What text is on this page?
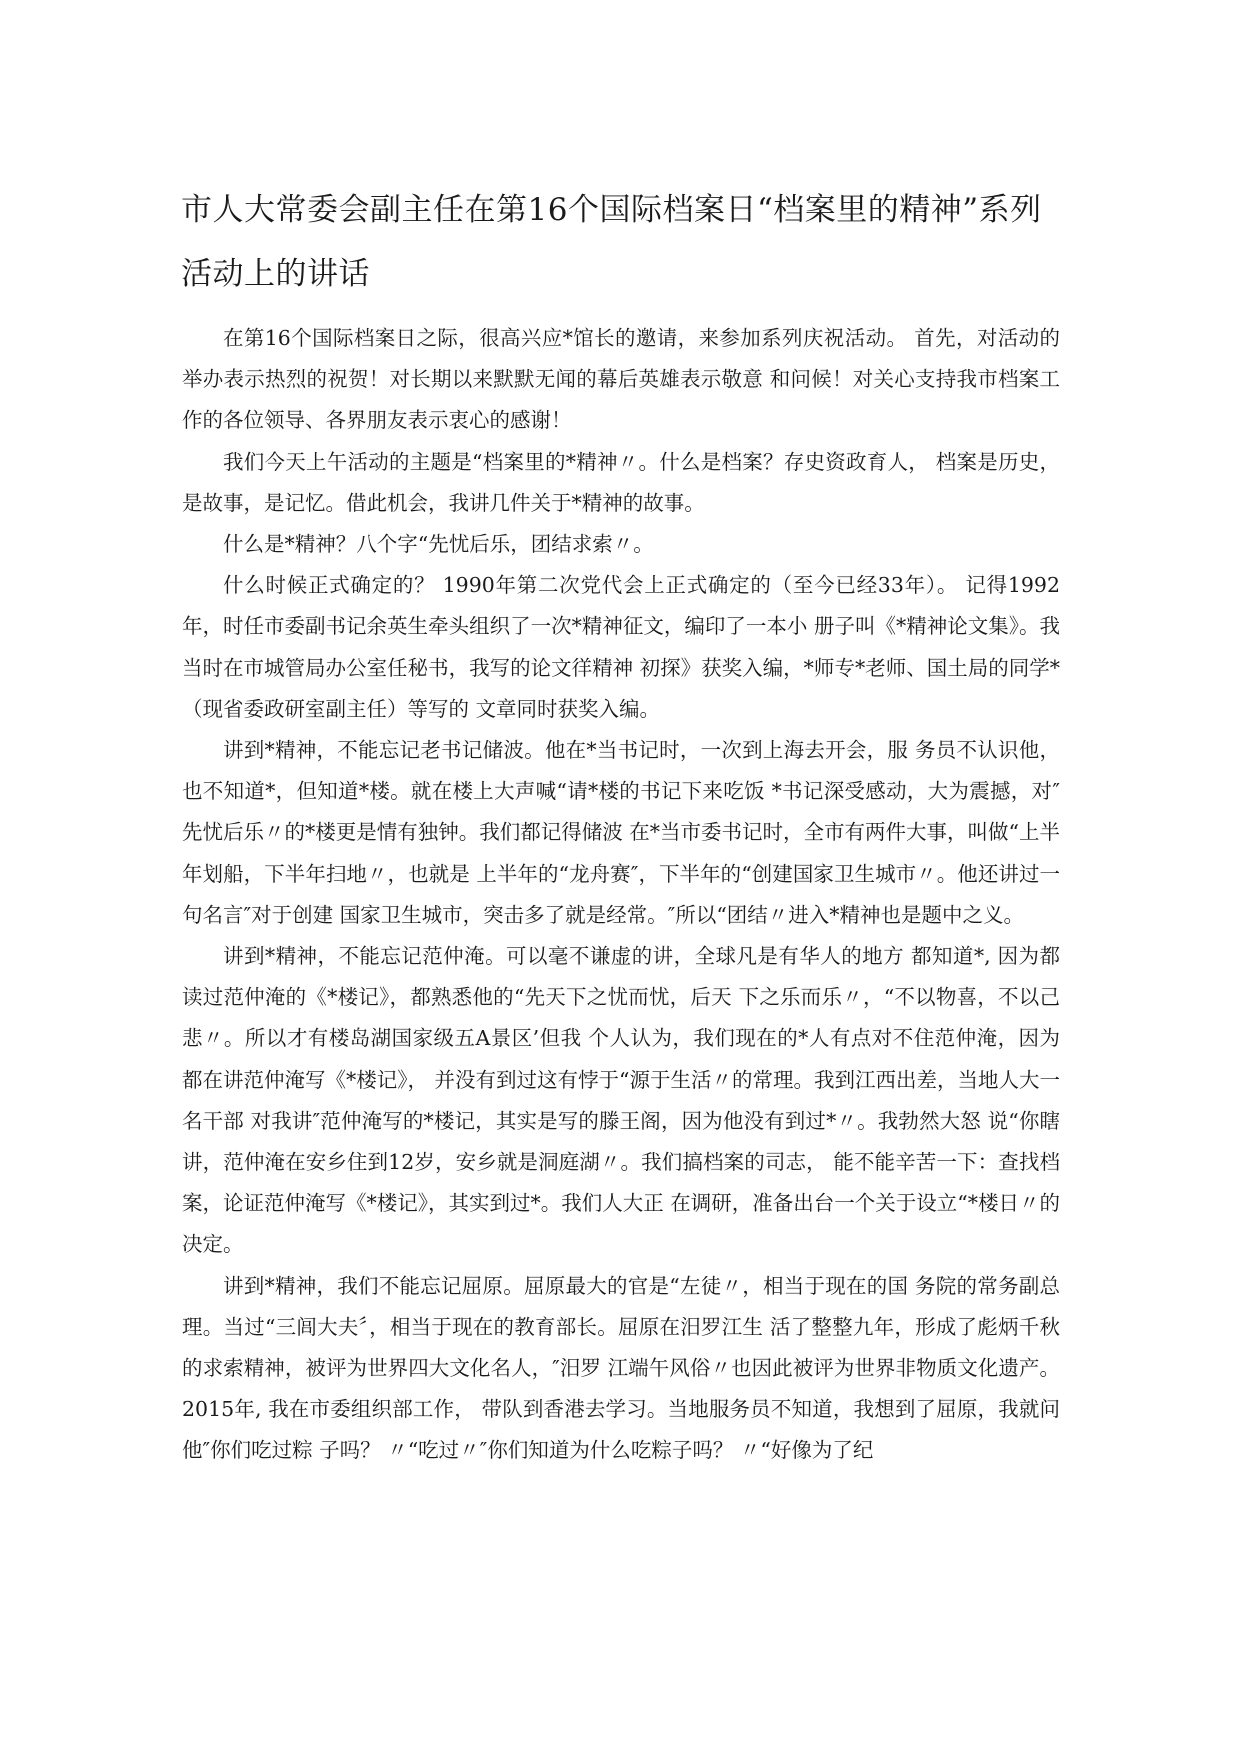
市人大常委会副主任在第16个国际档案日“档案里的精神”系列活动上的讲话

在第16个国际档案日之际，很高兴应*馆长的邀请，来参加系列庆祝活动。 首先，对活动的举办表示热烈的祝贺！对长期以来默默无闻的幕后英雄表示敬意 和问候！对关心支持我市档案工作的各位领导、各界朋友表示衷心的感谢！

我们今天上午活动的主题是“档案里的*精神〃。什么是档案？存史资政育人， 档案是历史，是故事，是记忆。借此机会，我讲几件关于*精神的故事。

什么是*精神？八个字“先忧后乐，团结求索〃。

什么时候正式确定的？ 1990年第二次党代会上正式确定的（至今已经33年）。 记得1992年，时任市委副书记余英生牵头组织了一次*精神征文，编印了一本小 册子叫《*精神论文集》。我当时在市城管局办公室任秘书，我写的论文徉精神 初探》获奖入编，*师专*老师、国土局的同学* （现省委政研室副主任）等写的 文章同时获奖入编。

讲到*精神，不能忘记老书记储波。他在*当书记时，一次到上海去开会，服 务员不认识他，也不知道*，但知道*楼。就在楼上大声喊“请*楼的书记下来吃饭 *书记深受感动，大为震撼，对″先忧后乐〃的*楼更是情有独钟。我们都记得储波 在*当市委书记时，全市有两件大事，叫做“上半年划船，下半年扫地〃，也就是 上半年的“龙舟赛″，下半年的“创建国家卫生城市〃。他还讲过一句名言″对于创建 国家卫生城市，突击多了就是经常。″所以“团结〃进入*精神也是题中之义。

讲到*精神，不能忘记范仲淹。可以毫不谦虚的讲，全球凡是有华人的地方 都知道*, 因为都读过范仲淹的《*楼记》，都熟悉他的“先天下之忧而忧，后天 下之乐而乐〃，“不以物喜，不以己悲〃。所以才有楼岛湖国家级五A景区’但我 个人认为，我们现在的*人有点对不住范仲淹，因为都在讲范仲淹写《*楼记》， 并没有到过这有悖于“源于生活〃的常理。我到江西出差，当地人大一名干部 对我讲″范仲淹写的*楼记，其实是写的滕王阁，因为他没有到过*〃。我勃然大怒 说“你瞎讲，范仲淹在安乡住到12岁，安乡就是洞庭湖〃。我们搞档案的司志， 能不能辛苦一下：查找档案，论证范仲淹写《*楼记》，其实到过*。我们人大正 在调研，准备出台一个关于设立“*楼日〃的决定。

讲到*精神，我们不能忘记屈原。屈原最大的官是“左徒〃，相当于现在的国 务院的常务副总理。当过“三闾大夫〞，相当于现在的教育部长。屈原在汨罗江生 活了整整九年，形成了彪炳千秋的求索精神，被评为世界四大文化名人，″汨罗 江端午风俗〃也因此被评为世界非物质文化遗产。2015年, 我在市委组织部工作， 带队到香港去学习。当地服务员不知道，我想到了屈原，我就问他″你们吃过粽 子吗？ 〃“吃过〃″你们知道为什么吃粽子吗？ 〃“好像为了纪
